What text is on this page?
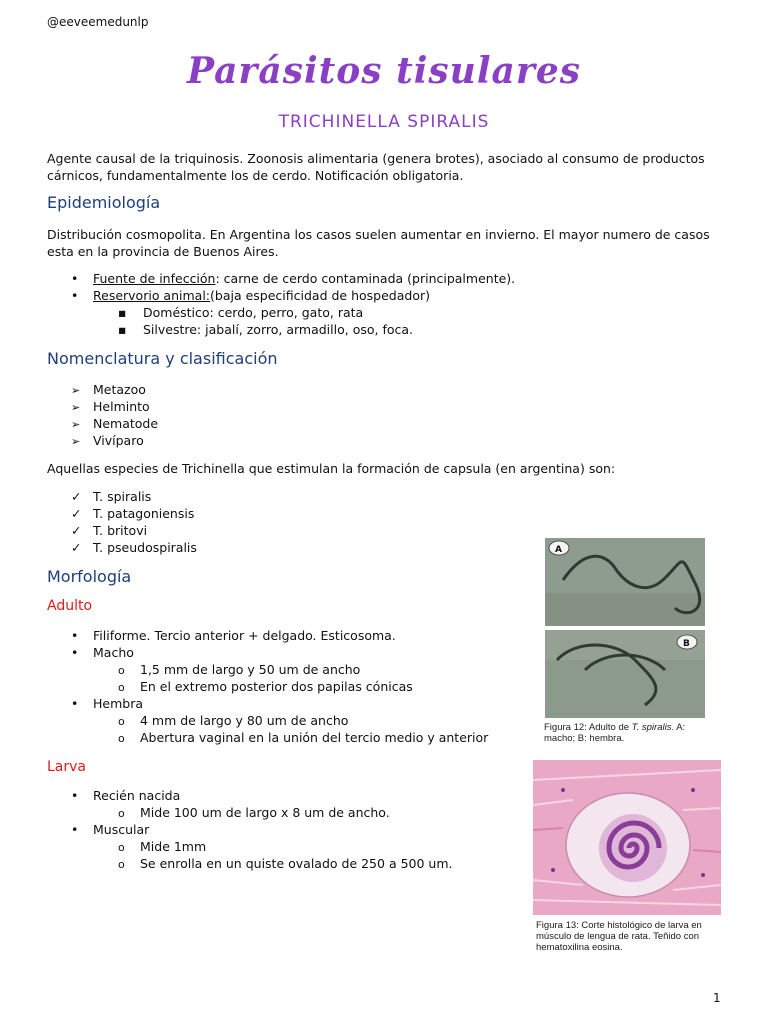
@eeveemedunlp
Parásitos tisulares
TRICHINELLA SPIRALIS
Agente causal de la triquinosis. Zoonosis alimentaria (genera brotes), asociado al consumo de productos cárnicos, fundamentalmente los de cerdo. Notificación obligatoria.
Epidemiología
Distribución cosmopolita. En Argentina los casos suelen aumentar en invierno. El mayor numero de casos esta en la provincia de Buenos Aires.
•
Fuente de infección: carne de cerdo contaminada (principalmente).
•
Reservorio animal:(baja especificidad de hospedador)
▪
Doméstico: cerdo, perro, gato, rata
▪
Silvestre: jabalí, zorro, armadillo, oso, foca.
Nomenclatura y clasificación
➢
Metazoo
➢
Helminto
➢
Nematode
➢
Vivíparo
Aquellas especies de Trichinella que estimulan la formación de capsula (en argentina) son:
✓
T. spiralis
✓
T. patagoniensis
✓
T. britovi
✓
T. pseudospiralis
Morfología
Adulto
•
Filiforme. Tercio anterior + delgado. Esticosoma.
•
Macho
o
1,5 mm de largo y 50 um de ancho
o
En el extremo posterior dos papilas cónicas
•
Hembra
o
4 mm de largo y 80 um de ancho
o
Abertura vaginal en la unión del tercio medio y anterior
Larva
•
Recién nacida
o
Mide 100 um de largo x 8 um de ancho.
•
Muscular
o
Mide 1mm
o
Se enrolla en un quiste ovalado de 250 a 500 um.
A
B
Figura 12: Adulto de T. spiralis. A: macho; B: hembra.
Figura 13: Corte histológico de larva en músculo de lengua de rata. Teñido con hematoxilina eosina.
1
